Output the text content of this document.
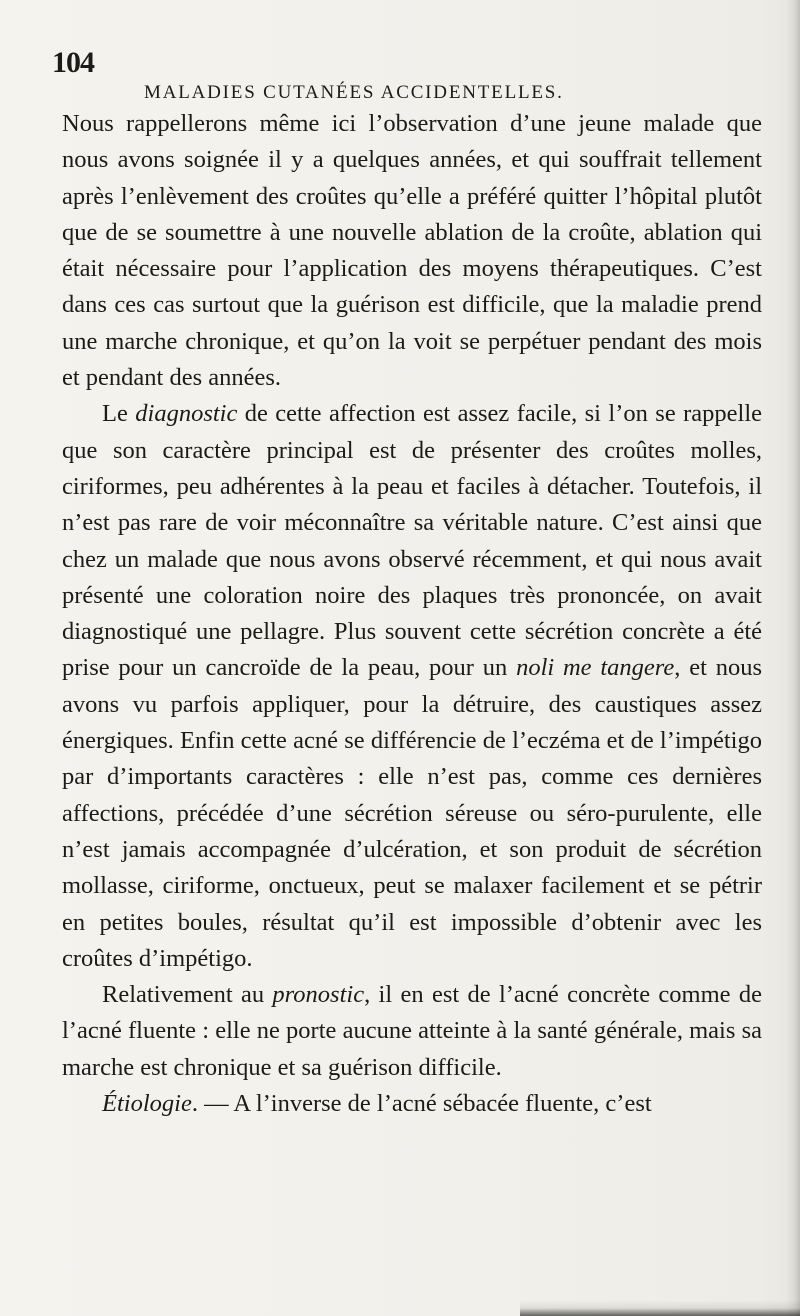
104
MALADIES CUTANÉES ACCIDENTELLES.

Nous rappellerons même ici l’observation d’une jeune malade que nous avons soignée il y a quelques années, et qui souffrait tellement après l’enlèvement des croûtes qu’elle a préféré quitter l’hôpital plutôt que de se soumettre à une nouvelle ablation de la croûte, ablation qui était nécessaire pour l’application des moyens thérapeutiques. C’est dans ces cas surtout que la guérison est difficile, que la maladie prend une marche chronique, et qu’on la voit se perpétuer pendant des mois et pendant des années.

Le diagnostic de cette affection est assez facile, si l’on se rappelle que son caractère principal est de présenter des croûtes molles, ciriformes, peu adhérentes à la peau et faciles à détacher. Toutefois, il n’est pas rare de voir méconnaître sa véritable nature. C’est ainsi que chez un malade que nous avons observé récemment, et qui nous avait présenté une coloration noire des plaques très prononcée, on avait diagnostiqué une pellagre. Plus souvent cette sécrétion concrète a été prise pour un cancroïde de la peau, pour un noli me tangere, et nous avons vu parfois appliquer, pour la détruire, des caustiques assez énergiques. Enfin cette acné se différencie de l’eczéma et de l’impétigo par d’importants caractères : elle n’est pas, comme ces dernières affections, précédée d’une sécrétion séreuse ou séro-purulente, elle n’est jamais accompagnée d’ulcération, et son produit de sécrétion mollasse, ciriforme, onctueux, peut se malaxer facilement et se pétrir en petites boules, résultat qu’il est impossible d’obtenir avec les croûtes d’impétigo.

Relativement au pronostic, il en est de l’acné concrète comme de l’acné fluente : elle ne porte aucune atteinte à la santé générale, mais sa marche est chronique et sa guérison difficile.

Étiologie. — A l’inverse de l’acné sébacée fluente, c’est
